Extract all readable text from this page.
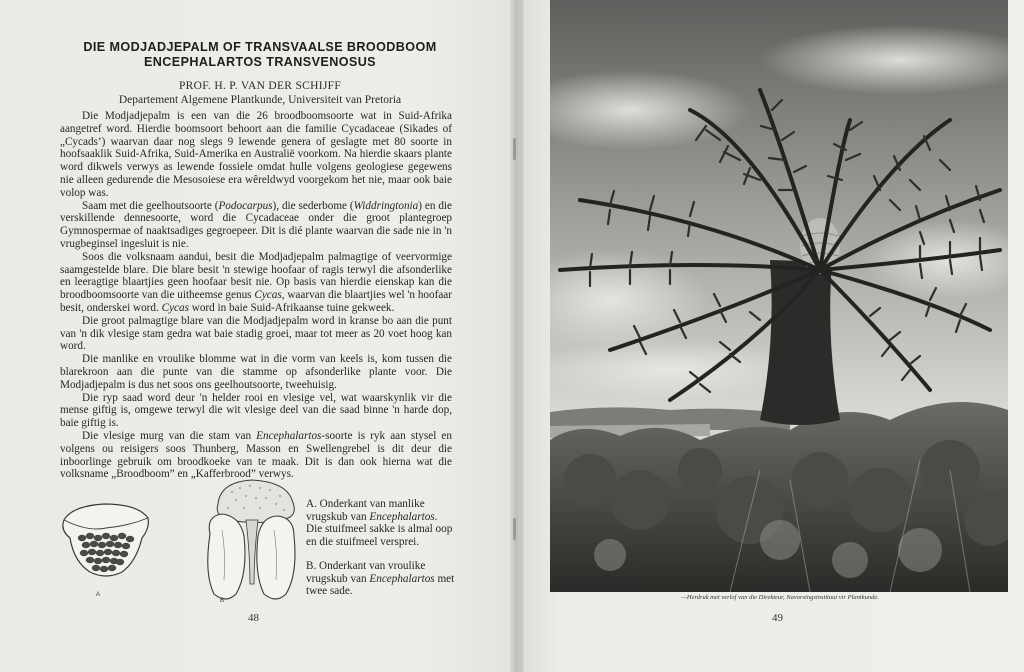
DIE MODJADJEPALM OF TRANSVAALSE BROODBOOM
ENCEPHALARTOS TRANSVENOSUS
PROF. H. P. VAN DER SCHIJFF
Departement Algemene Plantkunde, Universiteit van Pretoria

Die Modjadjepalm is een van die 26 broodboomsoorte wat in Suid-Afrika aangetref word. Hierdie boomsoort behoort aan die familie Cycadaceae (Sikades of „Cycads’) waarvan daar nog slegs 9 lewende genera of geslagte met 80 soorte in hoofsaaklik Suid-Afrika, Suid-Amerika en Australië voorkom. Na hierdie skaars plante word dikwels verwys as lewende fossiele omdat hulle volgens geologiese gegewens nie alleen gedurende die Mesosoiese era wêreldwyd voorgekom het nie, maar ook baie volop was.

Saam met die geelhoutsoorte (Podocarpus), die sederbome (Widdringtonia) en die verskillende dennesoorte, word die Cycadaceae onder die groot plantegroep Gymnospermae of naaktsadiges gegroepeer. Dit is dié plante waarvan die sade nie in 'n vrugbeginsel ingesluit is nie.

Soos die volksnaam aandui, besit die Modjadjepalm palmagtige of veervormige saamgestelde blare. Die blare besit 'n stewige hoofaar of ragis terwyl die afsonderlike en leeragtige blaartjies geen hoofaar besit nie. Op basis van hierdie eienskap kan die broodboomsoorte van die uitheemse genus Cycas, waarvan die blaartjies wel 'n hoofaar besit, onderskei word. Cycas word in baie Suid-Afrikaanse tuine gekweek.

Die groot palmagtige blare van die Modjadjepalm word in kranse bo aan die punt van 'n dik vlesige stam gedra wat baie stadig groei, maar tot meer as 20 voet hoog kan word.

Die manlike en vroulike blomme wat in die vorm van keels is, kom tussen die blarekroon aan die punte van die stamme op afsonderlike plante voor. Die Modjadjepalm is dus net soos ons geelhoutsoorte, tweehuisig.

Die ryp saad word deur 'n helder rooi en vlesige vel, wat waarskynlik vir die mense giftig is, omgewe terwyl die wit vlesige deel van die saad binne 'n harde dop, baie giftig is.

Die vlesige murg van die stam van Encephalartos-soorte is ryk aan stysel en volgens ou reisigers soos Thunberg, Masson en Swellengrebel is dit deur die inboorlinge gebruik om broodkoeke van te maak. Dit is dan ook hierna wat die volksname „Broodboom” en „Kafferbrood” verwys.

A
B
A. Onderkant van manlike vrugskub van Encephalartos. Die stuifmeel sakke is almal oop en die stuifmeel versprei.
B. Onderkant van vroulike vrugskub van Encephalartos met twee sade.
48
—Herdruk met verlof van die Direkteur, Navorsingsinstituut vir Plantkunde.
49
